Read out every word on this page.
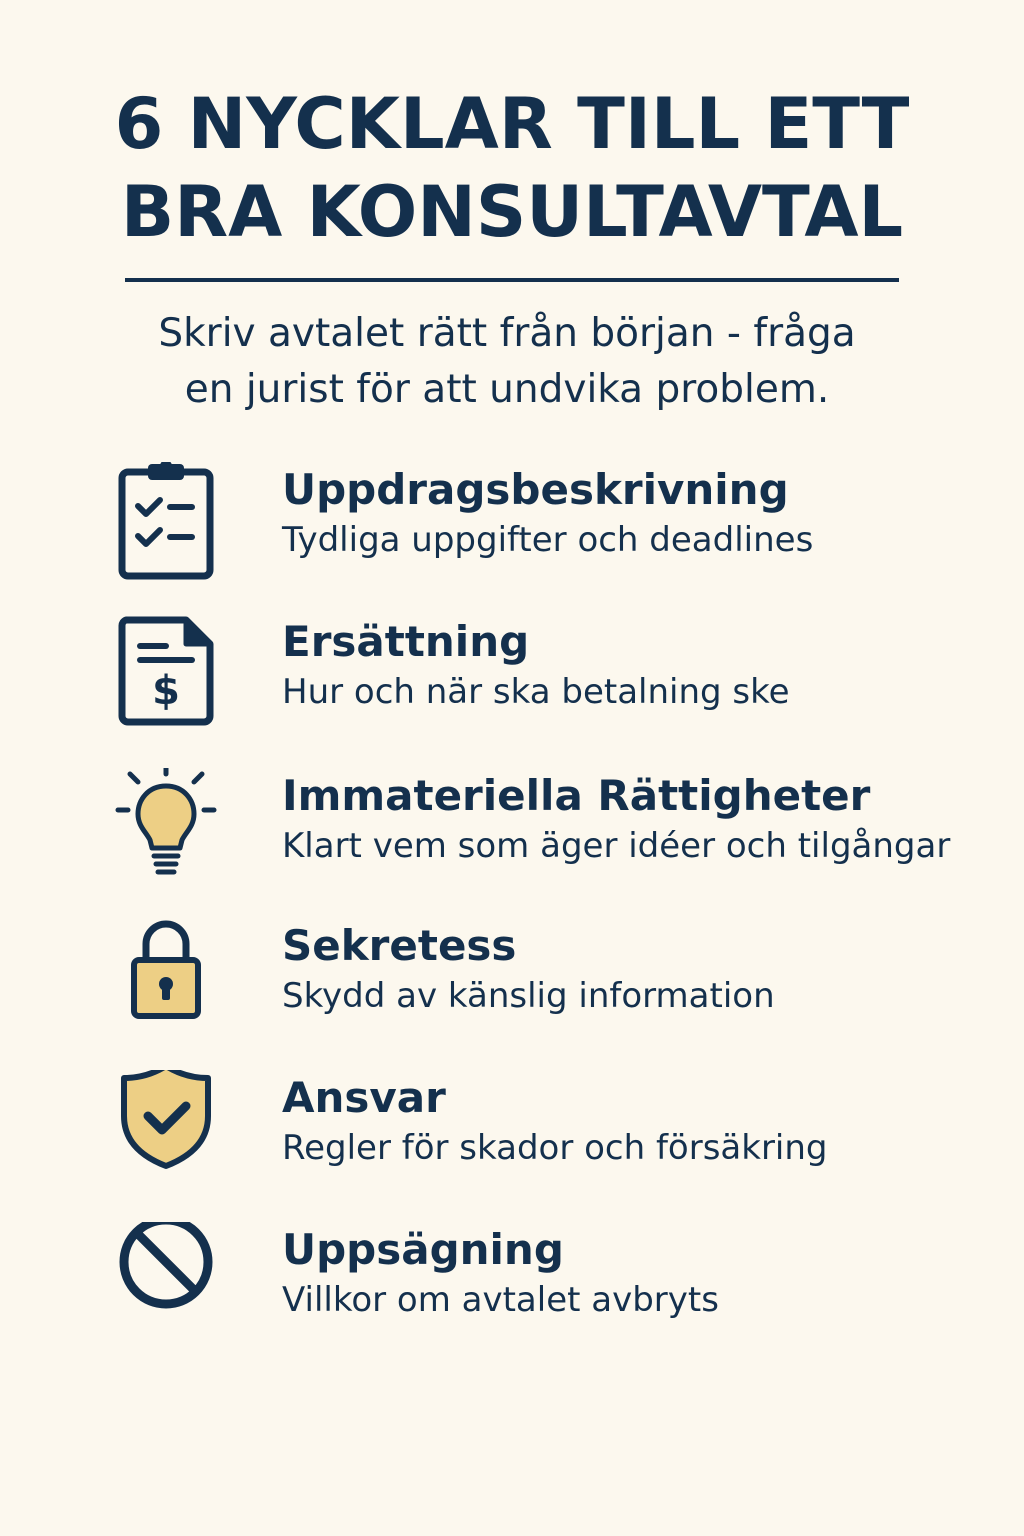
6 NYCKLAR TILL ETT
BRA KONSULTAVTAL

Skriv avtalet rätt från början - fråga
en jurist för att undvika problem.

Uppdragsbeskrivning
Tydliga uppgifter och deadlines
$
Ersättning
Hur och när ska betalning ske
Immateriella Rättigheter
Klart vem som äger idéer och tilgångar
Sekretess
Skydd av känslig information
Ansvar
Regler för skador och försäkring
Uppsägning
Villkor om avtalet avbryts
